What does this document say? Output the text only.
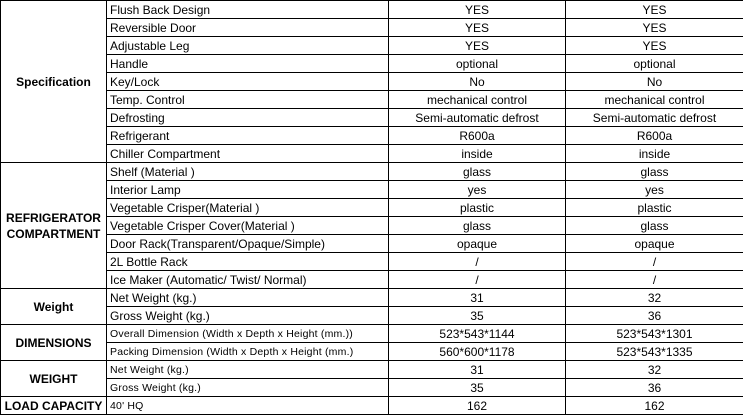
Specification	Flush Back Design	YES	YES
	Reversible Door	YES	YES
	Adjustable Leg	YES	YES
	Handle	optional	optional
	Key/Lock	No	No
	Temp. Control	mechanical control	mechanical control
	Defrosting	Semi-automatic defrost	Semi-automatic defrost
	Refrigerant	R600a	R600a
	Chiller Compartment	inside	inside
REFRIGERATOR COMPARTMENT	Shelf (Material )	glass	glass
	Interior Lamp	yes	yes
	Vegetable Crisper(Material )	plastic	plastic
	Vegetable Crisper Cover(Material )	glass	glass
	Door Rack(Transparent/Opaque/Simple)	opaque	opaque
	2L Bottle Rack	/	/
	Ice Maker (Automatic/ Twist/ Normal)	/	/
Weight	Net Weight (kg.)	31	32
	Gross Weight (kg.)	35	36
DIMENSIONS	Overall Dimension (Width x Depth x Height (mm.))	523*543*1144	523*543*1301
	Packing Dimension (Width x Depth x Height (mm.)	560*600*1178	523*543*1335
WEIGHT	Net Weight (kg.)	31	32
	Gross Weight (kg.)	35	36
LOAD CAPACITY	40' HQ	162	162
